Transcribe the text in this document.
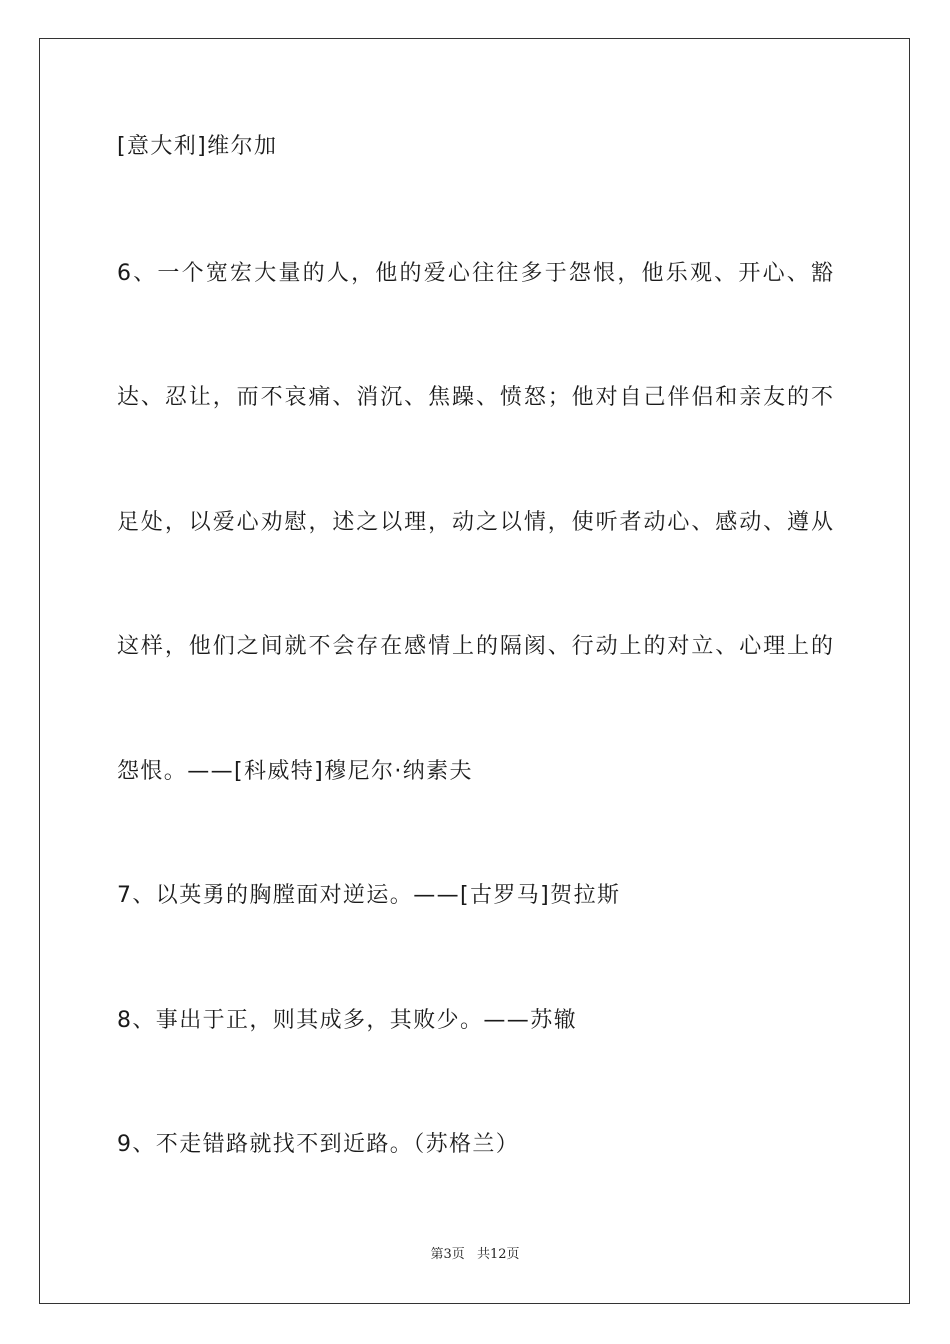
[意大利]维尔加
6、一个宽宏大量的人，他的爱心往往多于怨恨，他乐观、开心、豁
达、忍让，而不哀痛、消沉、焦躁、愤怒；他对自己伴侣和亲友的不
足处，以爱心劝慰，述之以理，动之以情，使听者动心、感动、遵从
这样，他们之间就不会存在感情上的隔阂、行动上的对立、心理上的
怨恨。——[科威特]穆尼尔·纳素夫
7、以英勇的胸膛面对逆运。——[古罗马]贺拉斯
8、事出于正，则其成多，其败少。——苏辙
9、不走错路就找不到近路。（苏格兰）
第3页 共12页
